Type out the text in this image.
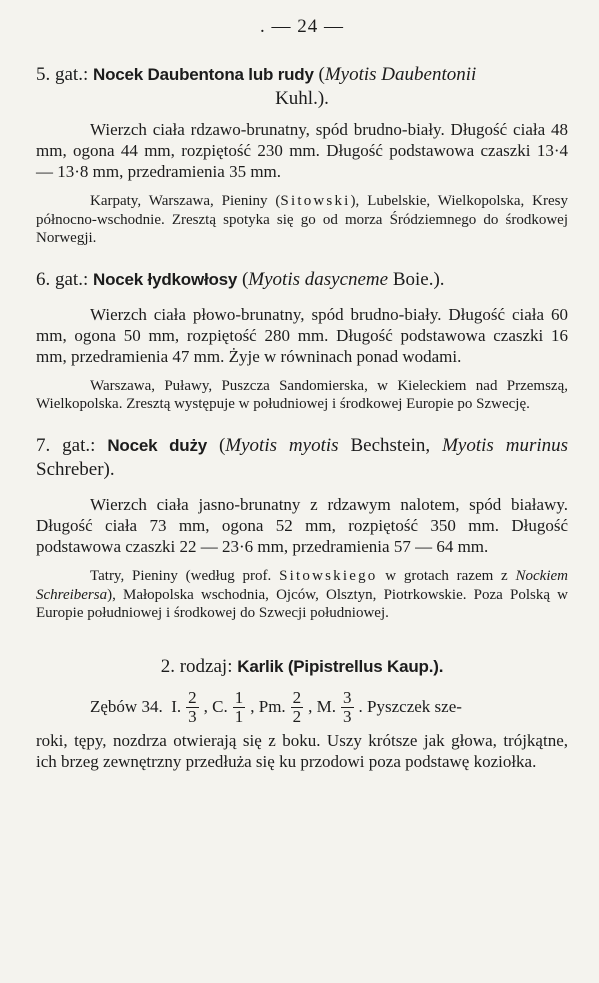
. — 24 —
5. gat.: Nocek Daubentona lub rudy (Myotis Daubentonii
Kuhl.).

Wierzch ciała rdzawo-brunatny, spód brudno-biały. Długość ciała 48 mm, ogona 44 mm, rozpiętość 230 mm. Długość podstawowa czaszki 13·4 — 13·8 mm, przedramienia 35 mm.

Karpaty, Warszawa, Pieniny (Sitowski), Lubelskie, Wielkopolska, Kresy północno-wschodnie. Zresztą spotyka się go od morza Śródziemnego do środkowej Norwegji.

6. gat.: Nocek łydkowłosy (Myotis dasycneme Boie.).

Wierzch ciała płowo-brunatny, spód brudno-biały. Długość ciała 60 mm, ogona 50 mm, rozpiętość 280 mm. Długość podstawowa czaszki 16 mm, przedramienia 47 mm. Żyje w równinach ponad wodami.

Warszawa, Puławy, Puszcza Sandomierska, w Kieleckiem nad Przemszą, Wielkopolska. Zresztą występuje w południowej i środkowej Europie po Szwecję.

7. gat.: Nocek duży (Myotis myotis Bechstein, Myotis murinus Schreber).

Wierzch ciała jasno-brunatny z rdzawym nalotem, spód białawy. Długość ciała 73 mm, ogona 52 mm, rozpiętość 350 mm. Długość podstawowa czaszki 22 — 23·6 mm, przedramienia 57 — 64 mm.

Tatry, Pieniny (według prof. Sitowskiego w grotach razem z Nockiem Schreibersa), Małopolska wschodnia, Ojców, Olsztyn, Piotrkowskie. Poza Polską w Europie południowej i środkowej do Szwecji południowej.

2. rodzaj: Karlik (Pipistrellus Kaup.).
Zębów 34.
I. $\frac{2}{3}$ , C. $\frac{1}{1}$ , Pm. $\frac{2}{2}$ , M. $\frac{3}{3}$ . Pyszczek sze-

roki, tępy, nozdrza otwierają się z boku. Uszy krótsze jak głowa, trójkątne, ich brzeg zewnętrzny przedłuża się ku przodowi poza podstawę koziołka.
